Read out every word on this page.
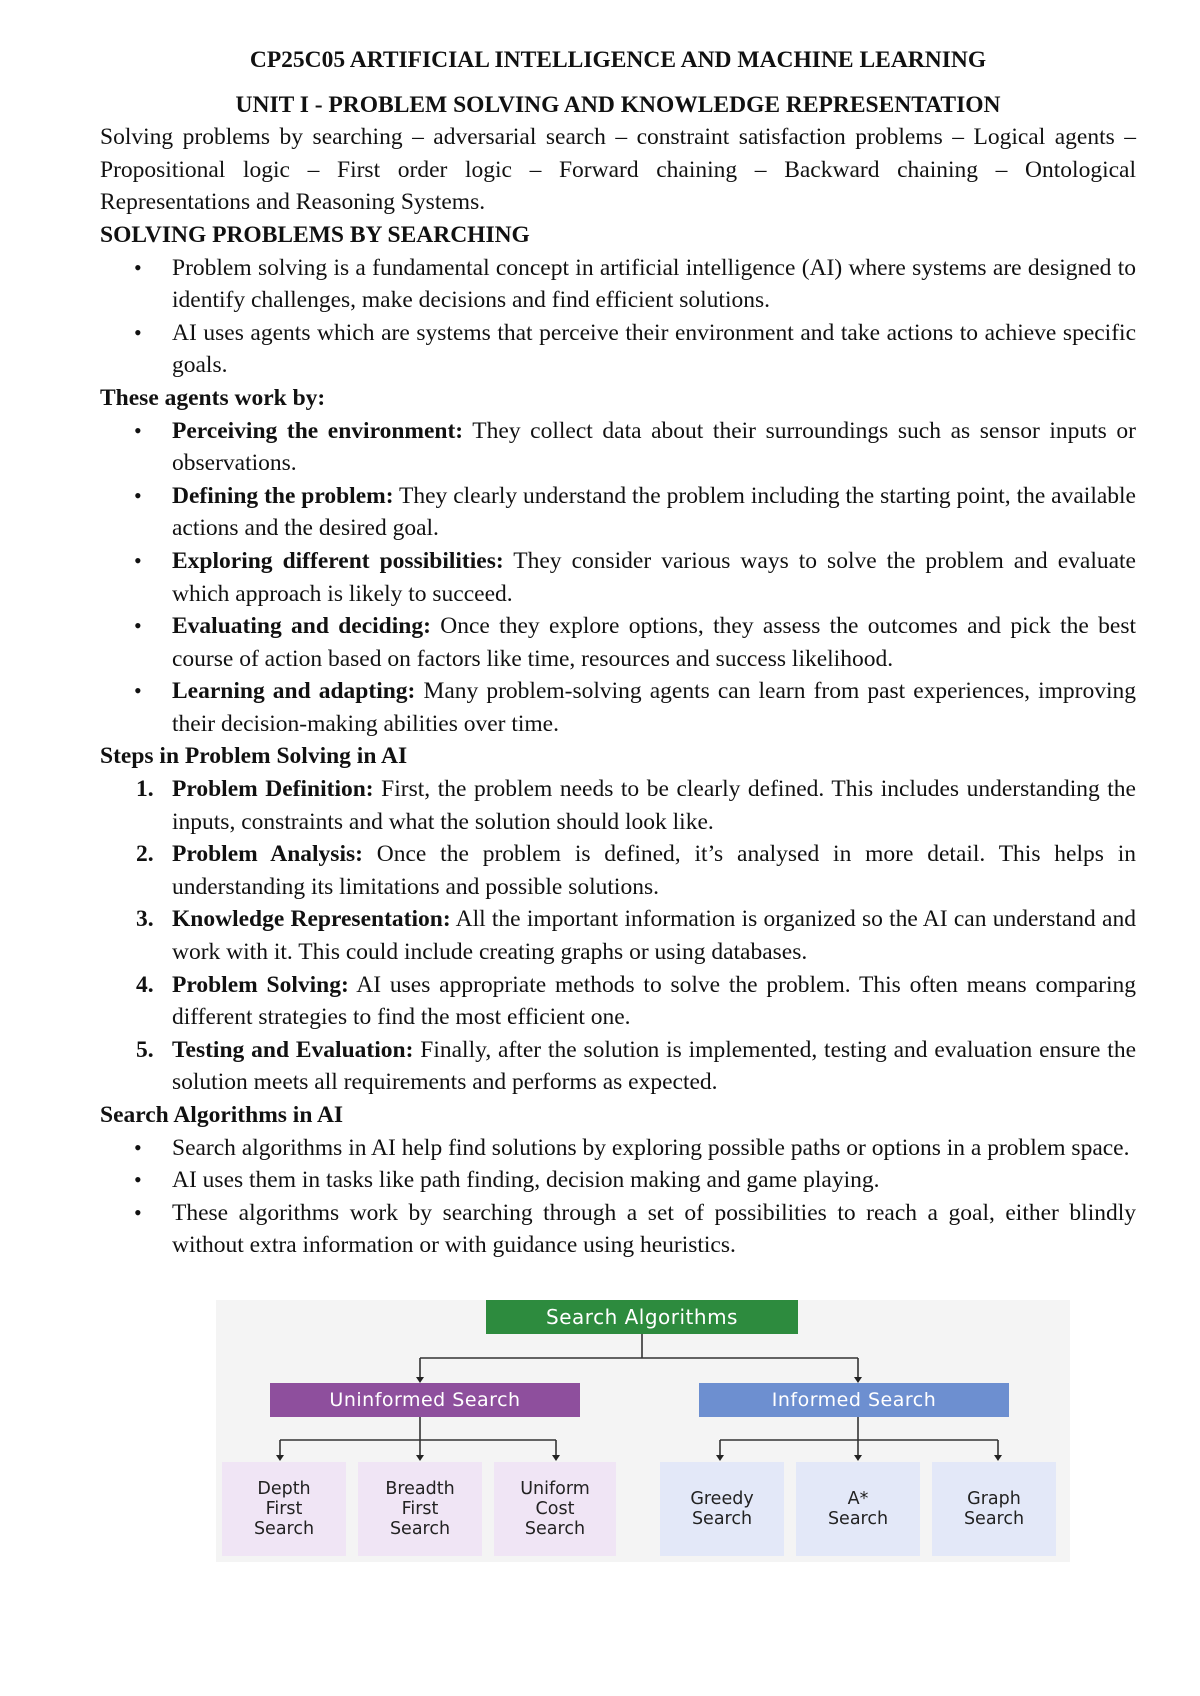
CP25C05 ARTIFICIAL INTELLIGENCE AND MACHINE LEARNING
UNIT I - PROBLEM SOLVING AND KNOWLEDGE REPRESENTATION
Solving problems by searching – adversarial search – constraint satisfaction problems – Logical agents – Propositional logic – First order logic – Forward chaining – Backward chaining – Ontological Representations and Reasoning Systems.
SOLVING PROBLEMS BY SEARCHING
• Problem solving is a fundamental concept in artificial intelligence (AI) where systems are designed to identify challenges, make decisions and find efficient solutions.
• AI uses agents which are systems that perceive their environment and take actions to achieve specific goals.
These agents work by:
• Perceiving the environment: They collect data about their surroundings such as sensor inputs or observations.
• Defining the problem: They clearly understand the problem including the starting point, the available actions and the desired goal.
• Exploring different possibilities: They consider various ways to solve the problem and evaluate which approach is likely to succeed.
• Evaluating and deciding: Once they explore options, they assess the outcomes and pick the best course of action based on factors like time, resources and success likelihood.
• Learning and adapting: Many problem-solving agents can learn from past experiences, improving their decision-making abilities over time.
Steps in Problem Solving in AI
1. Problem Definition: First, the problem needs to be clearly defined. This includes understanding the inputs, constraints and what the solution should look like.
2. Problem Analysis: Once the problem is defined, it’s analysed in more detail. This helps in understanding its limitations and possible solutions.
3. Knowledge Representation: All the important information is organized so the AI can understand and work with it. This could include creating graphs or using databases.
4. Problem Solving: AI uses appropriate methods to solve the problem. This often means comparing different strategies to find the most efficient one.
5. Testing and Evaluation: Finally, after the solution is implemented, testing and evaluation ensure the solution meets all requirements and performs as expected.
Search Algorithms in AI
• Search algorithms in AI help find solutions by exploring possible paths or options in a problem space.
• AI uses them in tasks like path finding, decision making and game playing.
• These algorithms work by searching through a set of possibilities to reach a goal, either blindly without extra information or with guidance using heuristics.
Search Algorithms
Uninformed Search	Informed Search
Depth
First
Search
Breadth
First
Search
Uniform
Cost
Search
Greedy
Search
A*
Search
Graph
Search
